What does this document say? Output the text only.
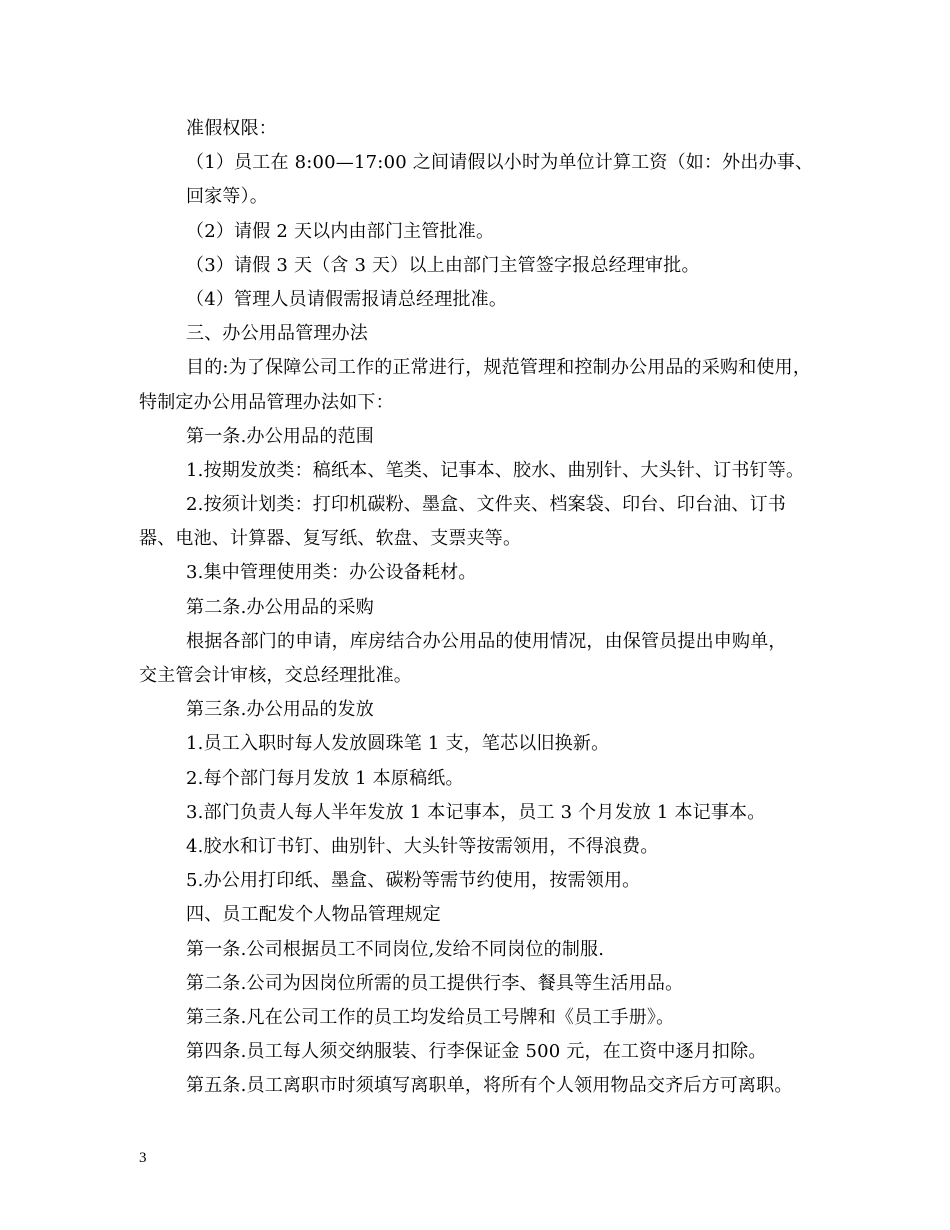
准假权限：
（1）员工在 8:00—17:00 之间请假以小时为单位计算工资（如：外出办事、
回家等）。
（2）请假 2 天以内由部门主管批准。
（3）请假 3 天（含 3 天）以上由部门主管签字报总经理审批。
（4）管理人员请假需报请总经理批准。
三、办公用品管理办法
目的:为了保障公司工作的正常进行，规范管理和控制办公用品的采购和使用，
特制定办公用品管理办法如下：
第一条.办公用品的范围
1.按期发放类：稿纸本、笔类、记事本、胶水、曲别针、大头针、订书钉等。
2.按须计划类：打印机碳粉、墨盒、文件夹、档案袋、印台、印台油、订书
器、电池、计算器、复写纸、软盘、支票夹等。
3.集中管理使用类：办公设备耗材。
第二条.办公用品的采购
根据各部门的申请，库房结合办公用品的使用情况，由保管员提出申购单，
交主管会计审核，交总经理批准。
第三条.办公用品的发放
1.员工入职时每人发放圆珠笔 1 支，笔芯以旧换新。
2.每个部门每月发放 1 本原稿纸。
3.部门负责人每人半年发放 1 本记事本，员工 3 个月发放 1 本记事本。
4.胶水和订书钉、曲别针、大头针等按需领用，不得浪费。
5.办公用打印纸、墨盒、碳粉等需节约使用，按需领用。
四、员工配发个人物品管理规定
第一条.公司根据员工不同岗位,发给不同岗位的制服.
第二条.公司为因岗位所需的员工提供行李、餐具等生活用品。
第三条.凡在公司工作的员工均发给员工号牌和《员工手册》。
第四条.员工每人须交纳服装、行李保证金 500 元，在工资中逐月扣除。
第五条.员工离职市时须填写离职单，将所有个人领用物品交齐后方可离职。
3
